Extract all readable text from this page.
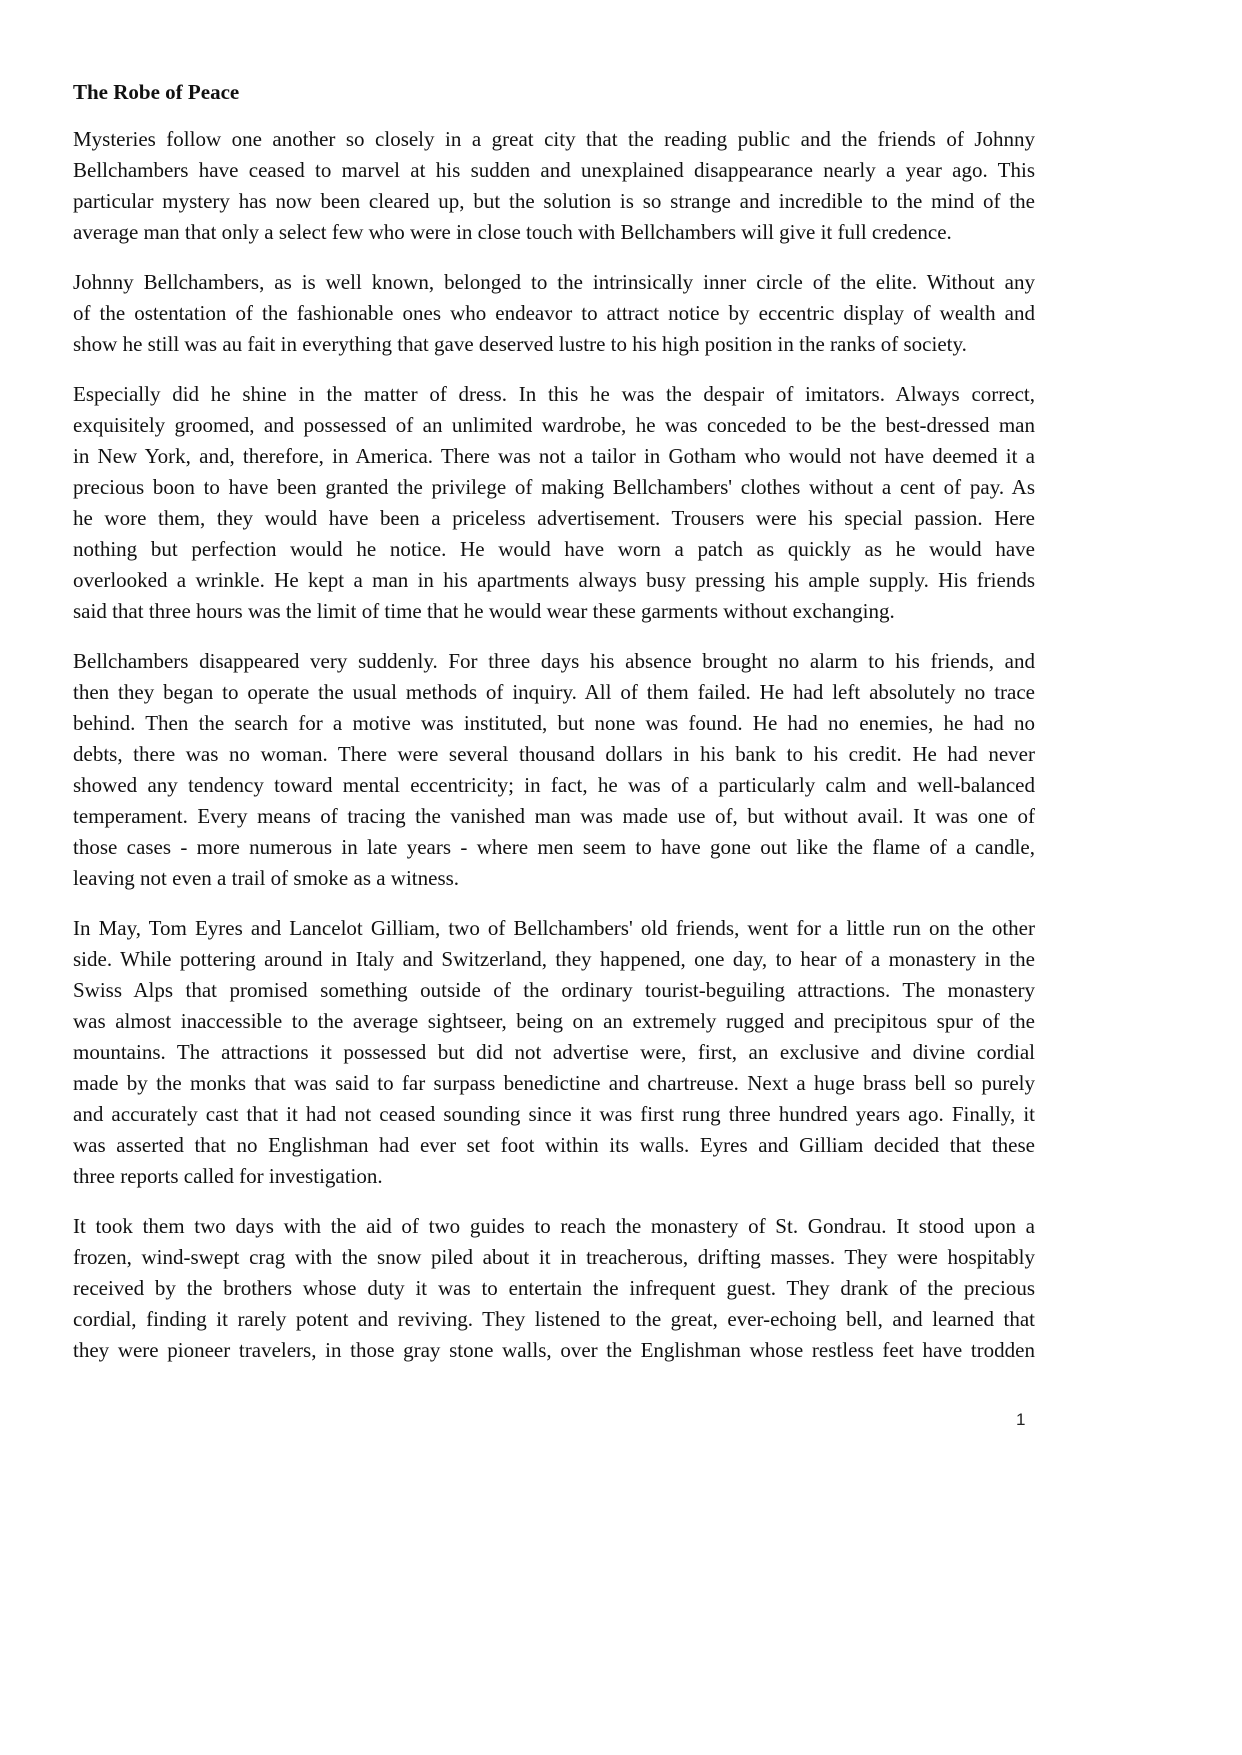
The Robe of Peace
Mysteries follow one another so closely in a great city that the reading public and the friends of Johnny
Bellchambers have ceased to marvel at his sudden and unexplained disappearance nearly a year ago. This
particular mystery has now been cleared up, but the solution is so strange and incredible to the mind of the
average man that only a select few who were in close touch with Bellchambers will give it full credence.
Johnny Bellchambers, as is well known, belonged to the intrinsically inner circle of the elite. Without any
of the ostentation of the fashionable ones who endeavor to attract notice by eccentric display of wealth and
show he still was au fait in everything that gave deserved lustre to his high position in the ranks of society.
Especially did he shine in the matter of dress. In this he was the despair of imitators. Always correct,
exquisitely groomed, and possessed of an unlimited wardrobe, he was conceded to be the best-dressed man
in New York, and, therefore, in America. There was not a tailor in Gotham who would not have deemed it a
precious boon to have been granted the privilege of making Bellchambers' clothes without a cent of pay. As
he wore them, they would have been a priceless advertisement. Trousers were his special passion. Here
nothing but perfection would he notice. He would have worn a patch as quickly as he would have
overlooked a wrinkle. He kept a man in his apartments always busy pressing his ample supply. His friends
said that three hours was the limit of time that he would wear these garments without exchanging.
Bellchambers disappeared very suddenly. For three days his absence brought no alarm to his friends, and
then they began to operate the usual methods of inquiry. All of them failed. He had left absolutely no trace
behind. Then the search for a motive was instituted, but none was found. He had no enemies, he had no
debts, there was no woman. There were several thousand dollars in his bank to his credit. He had never
showed any tendency toward mental eccentricity; in fact, he was of a particularly calm and well-balanced
temperament. Every means of tracing the vanished man was made use of, but without avail. It was one of
those cases - more numerous in late years - where men seem to have gone out like the flame of a candle,
leaving not even a trail of smoke as a witness.
In May, Tom Eyres and Lancelot Gilliam, two of Bellchambers' old friends, went for a little run on the other
side. While pottering around in Italy and Switzerland, they happened, one day, to hear of a monastery in the
Swiss Alps that promised something outside of the ordinary tourist-beguiling attractions. The monastery
was almost inaccessible to the average sightseer, being on an extremely rugged and precipitous spur of the
mountains. The attractions it possessed but did not advertise were, first, an exclusive and divine cordial
made by the monks that was said to far surpass benedictine and chartreuse. Next a huge brass bell so purely
and accurately cast that it had not ceased sounding since it was first rung three hundred years ago. Finally, it
was asserted that no Englishman had ever set foot within its walls. Eyres and Gilliam decided that these
three reports called for investigation.
It took them two days with the aid of two guides to reach the monastery of St. Gondrau. It stood upon a
frozen, wind-swept crag with the snow piled about it in treacherous, drifting masses. They were hospitably
received by the brothers whose duty it was to entertain the infrequent guest. They drank of the precious
cordial, finding it rarely potent and reviving. They listened to the great, ever-echoing bell, and learned that
they were pioneer travelers, in those gray stone walls, over the Englishman whose restless feet have trodden
1
